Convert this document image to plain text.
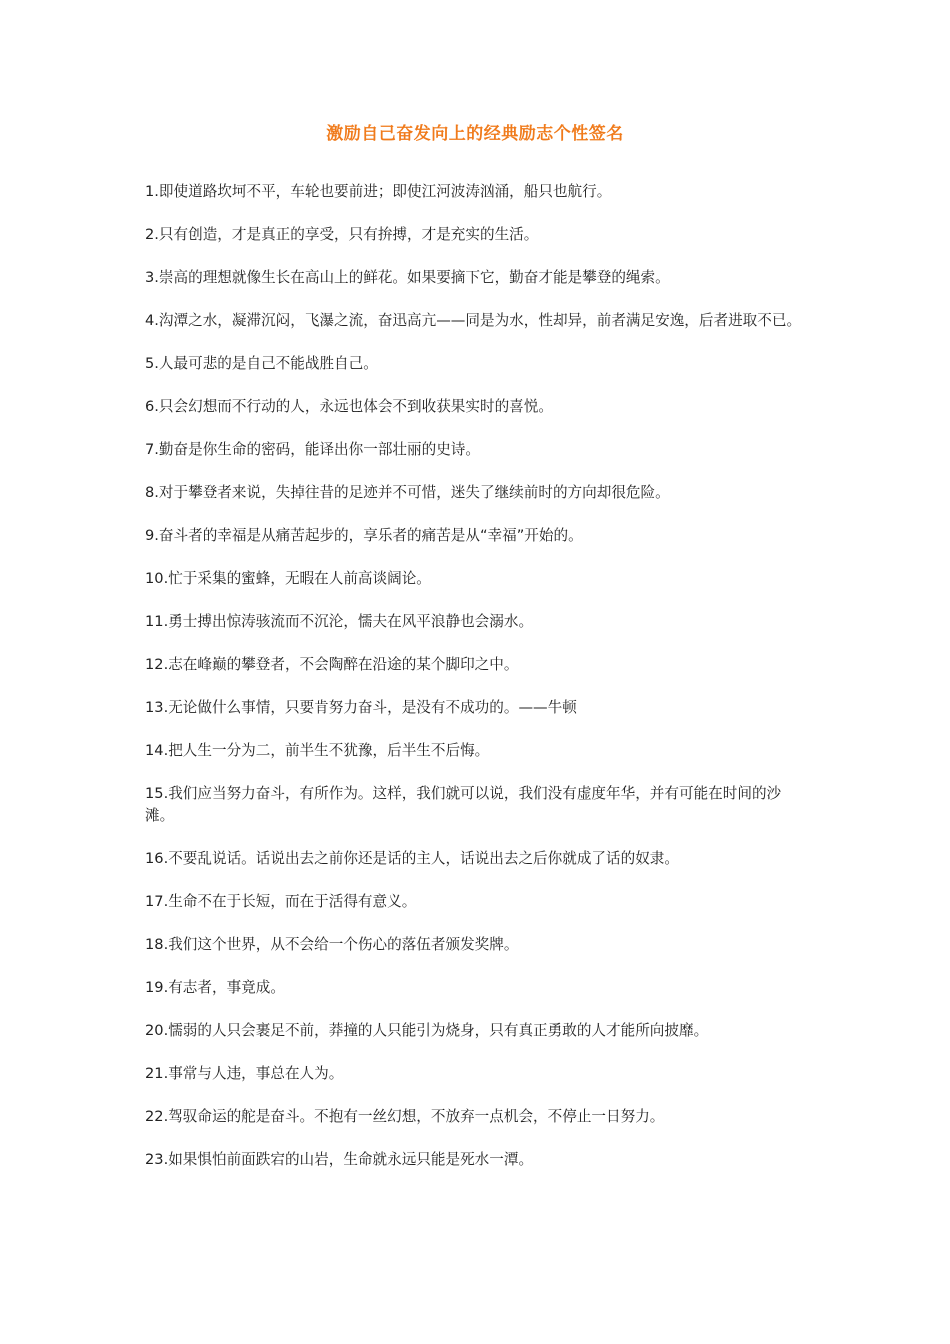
激励自己奋发向上的经典励志个性签名
1.即使道路坎坷不平，车轮也要前进；即使江河波涛汹涌，船只也航行。
2.只有创造，才是真正的享受，只有拚搏，才是充实的生活。
3.崇高的理想就像生长在高山上的鲜花。如果要摘下它，勤奋才能是攀登的绳索。
4.沟潭之水，凝滞沉闷，飞瀑之流，奋迅高亢——同是为水，性却异，前者满足安逸，后者进取不已。
5.人最可悲的是自己不能战胜自己。
6.只会幻想而不行动的人，永远也体会不到收获果实时的喜悦。
7.勤奋是你生命的密码，能译出你一部壮丽的史诗。
8.对于攀登者来说，失掉往昔的足迹并不可惜，迷失了继续前时的方向却很危险。
9.奋斗者的幸福是从痛苦起步的，享乐者的痛苦是从“幸福”开始的。
10.忙于采集的蜜蜂，无暇在人前高谈阔论。
11.勇士搏出惊涛骇流而不沉沦，懦夫在风平浪静也会溺水。
12.志在峰巅的攀登者，不会陶醉在沿途的某个脚印之中。
13.无论做什么事情，只要肯努力奋斗，是没有不成功的。——牛顿
14.把人生一分为二，前半生不犹豫，后半生不后悔。
15.我们应当努力奋斗，有所作为。这样，我们就可以说，我们没有虚度年华，并有可能在时间的沙滩。
16.不要乱说话。话说出去之前你还是话的主人，话说出去之后你就成了话的奴隶。
17.生命不在于长短，而在于活得有意义。
18.我们这个世界，从不会给一个伤心的落伍者颁发奖牌。
19.有志者，事竟成。
20.懦弱的人只会裹足不前，莽撞的人只能引为烧身，只有真正勇敢的人才能所向披靡。
21.事常与人违，事总在人为。
22.驾驭命运的舵是奋斗。不抱有一丝幻想，不放弃一点机会，不停止一日努力。
23.如果惧怕前面跌宕的山岩，生命就永远只能是死水一潭。
